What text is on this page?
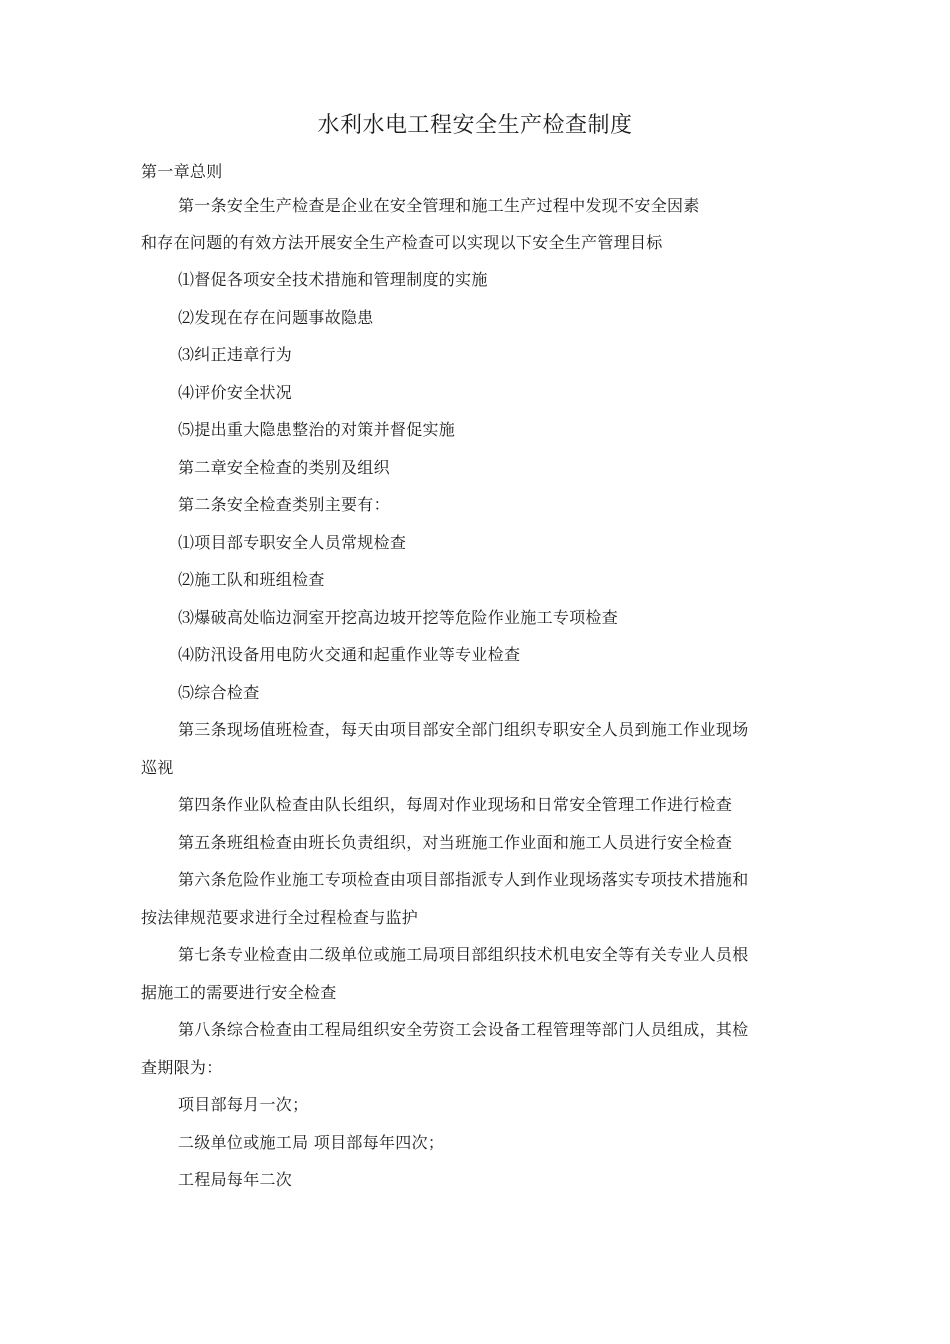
水利水电工程安全生产检查制度
第一章总则
第一条安全生产检查是企业在安全管理和施工生产过程中发现不安全因素
和存在问题的有效方法开展安全生产检查可以实现以下安全生产管理目标
⑴督促各项安全技术措施和管理制度的实施
⑵发现在存在问题事故隐患
⑶纠正违章行为
⑷评价安全状况
⑸提出重大隐患整治的对策并督促实施
第二章安全检查的类别及组织
第二条安全检查类别主要有：
⑴项目部专职安全人员常规检查
⑵施工队和班组检查
⑶爆破高处临边洞室开挖高边坡开挖等危险作业施工专项检查
⑷防汛设备用电防火交通和起重作业等专业检查
⑸综合检查
第三条现场值班检查，每天由项目部安全部门组织专职安全人员到施工作业现场
巡视
第四条作业队检查由队长组织，每周对作业现场和日常安全管理工作进行检查
第五条班组检查由班长负责组织，对当班施工作业面和施工人员进行安全检查
第六条危险作业施工专项检查由项目部指派专人到作业现场落实专项技术措施和
按法律规范要求进行全过程检查与监护
第七条专业检查由二级单位或施工局项目部组织技术机电安全等有关专业人员根
据施工的需要进行安全检查
第八条综合检查由工程局组织安全劳资工会设备工程管理等部门人员组成，其检
查期限为：
项目部每月一次；
二级单位或施工局 项目部每年四次；
工程局每年二次
